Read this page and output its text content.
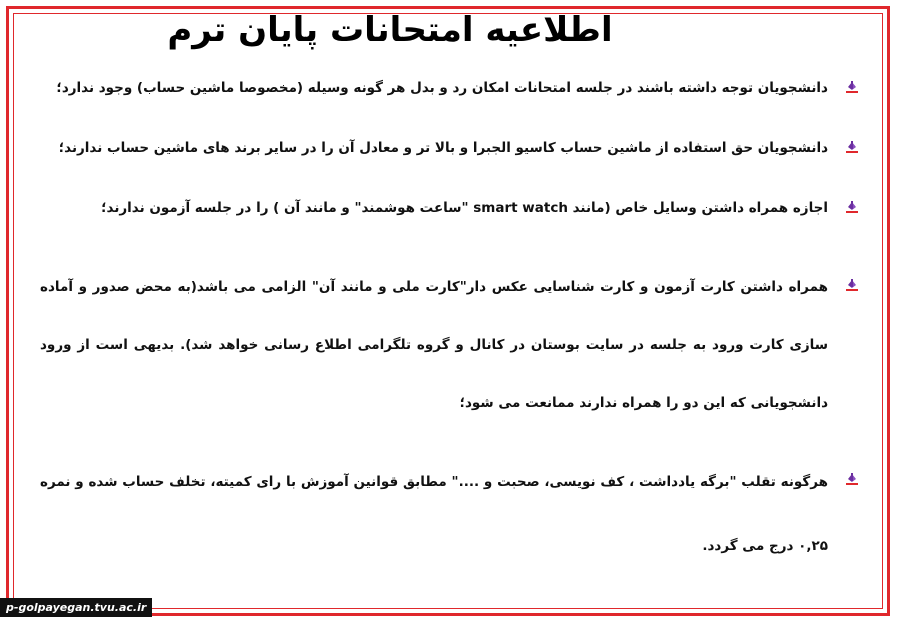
اطلاعیه امتحانات پایان ترم
دانشجویان توجه داشته باشند در جلسه امتحانات امکان رد و بدل هر گونه وسیله (مخصوصا ماشین حساب) وجود ندارد؛
دانشجویان حق استفاده از ماشین حساب کاسیو الجبرا و بالا تر و معادل آن را در سایر برند های ماشین حساب ندارند؛
اجازه همراه داشتن وسایل خاص (مانند smart watch "ساعت هوشمند" و مانند آن ) را در جلسه آزمون ندارند؛
همراه داشتن کارت آزمون و کارت شناسایی عکس دار"کارت ملی و مانند آن" الزامی می باشد(به محض صدور و آماده سازی کارت ورود به جلسه در سایت بوستان در کانال و گروه تلگرامی اطلاع رسانی خواهد شد). بدیهی است از ورود دانشجویانی که این دو را همراه ندارند ممانعت می شود؛
هرگونه تقلب "برگه یادداشت ، کف نویسی، صحبت و ...." مطابق قوانین آموزش با رای کمیته، تخلف حساب شده و نمره ۰,۲۵ درج می گردد.
p-golpayegan.tvu.ac.ir
